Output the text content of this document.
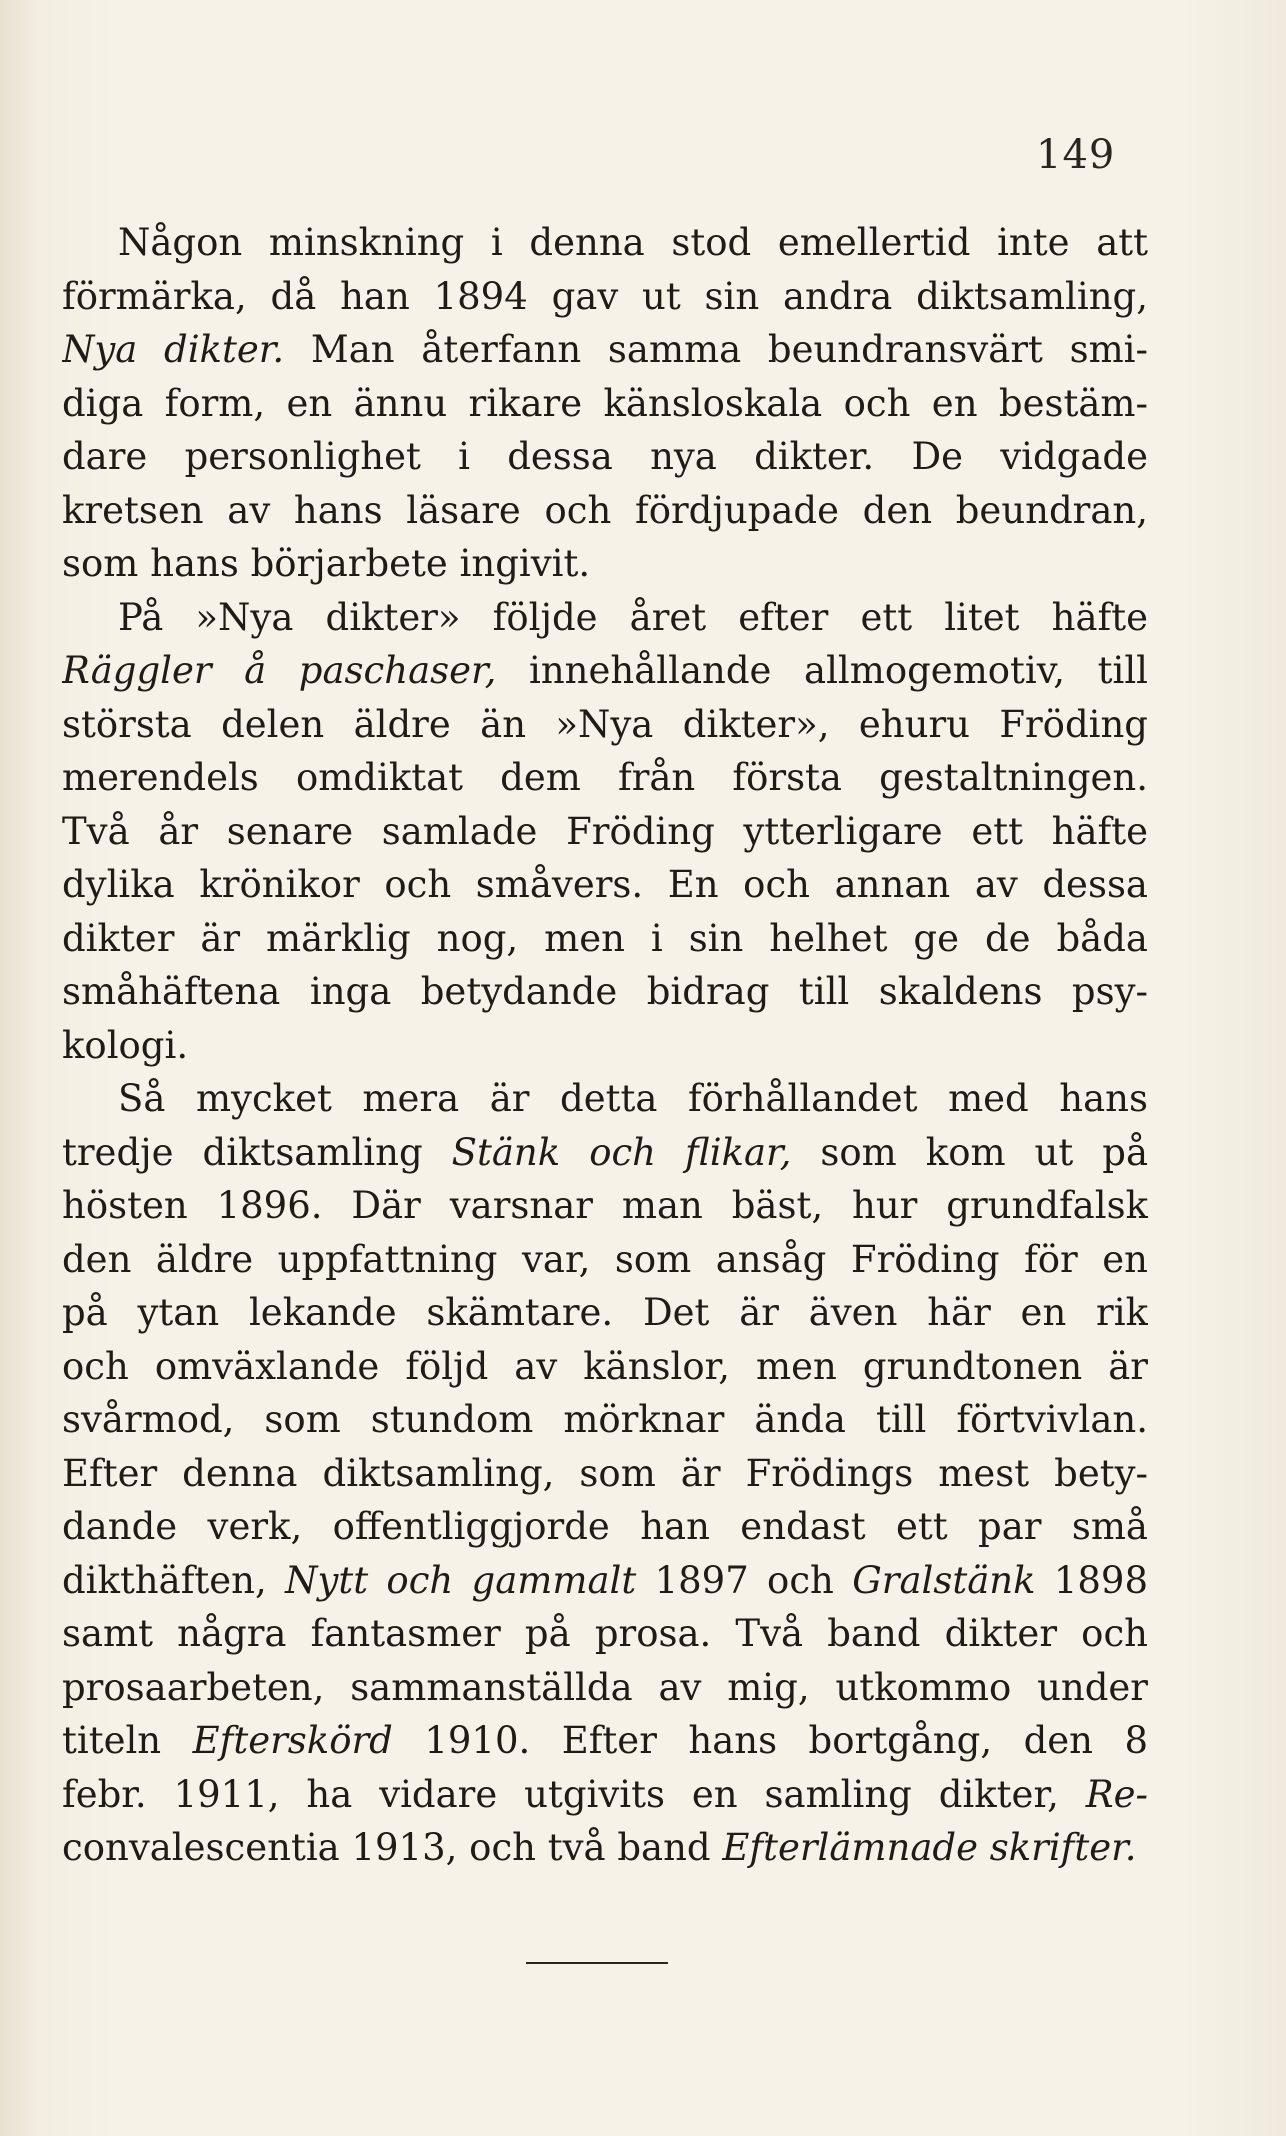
149
Någon minskning i denna stod emellertid inte att
förmärka, då han 1894 gav ut sin andra diktsamling,
Nya dikter. Man återfann samma beundransvärt smi-
diga form, en ännu rikare känsloskala och en bestäm-
dare personlighet i dessa nya dikter. De vidgade
kretsen av hans läsare och fördjupade den beundran,
som hans börjarbete ingivit.
På »Nya dikter» följde året efter ett litet häfte
Räggler å paschaser, innehållande allmogemotiv, till
största delen äldre än »Nya dikter», ehuru Fröding
merendels omdiktat dem från första gestaltningen.
Två år senare samlade Fröding ytterligare ett häfte
dylika krönikor och småvers. En och annan av dessa
dikter är märklig nog, men i sin helhet ge de båda
småhäftena inga betydande bidrag till skaldens psy-
kologi.
Så mycket mera är detta förhållandet med hans
tredje diktsamling Stänk och flikar, som kom ut på
hösten 1896. Där varsnar man bäst, hur grundfalsk
den äldre uppfattning var, som ansåg Fröding för en
på ytan lekande skämtare. Det är även här en rik
och omväxlande följd av känslor, men grundtonen är
svårmod, som stundom mörknar ända till förtvivlan.
Efter denna diktsamling, som är Frödings mest bety-
dande verk, offentliggjorde han endast ett par små
dikthäften, Nytt och gammalt 1897 och Gralstänk 1898
samt några fantasmer på prosa. Två band dikter och
prosaarbeten, sammanställda av mig, utkommo under
titeln Efterskörd 1910. Efter hans bortgång, den 8
febr. 1911, ha vidare utgivits en samling dikter, Re-
convalescentia 1913, och två band Efterlämnade skrifter.
